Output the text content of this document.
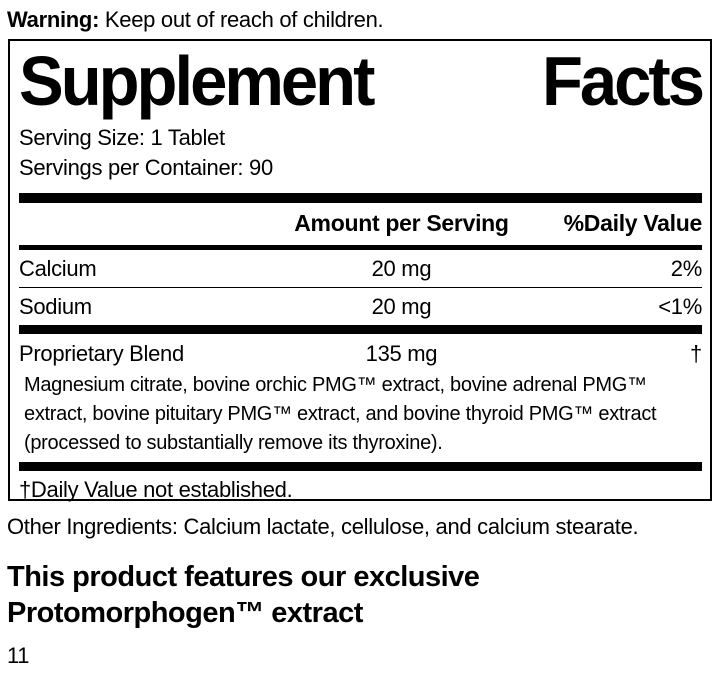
Warning: Keep out of reach of children.
Supplement	Facts
Serving Size: 1 Tablet
Servings per Container: 90
Amount per Serving %Daily Value
Calcium	20 mg	2%
Sodium	20 mg	<1%
Proprietary Blend	135 mg	†
Magnesium citrate, bovine orchic PMG™ extract, bovine adrenal PMG™ extract, bovine pituitary PMG™ extract, and bovine thyroid PMG™ extract (processed to substantially remove its thyroxine).
†Daily Value not established.
Other Ingredients: Calcium lactate, cellulose, and calcium stearate.
This product features our exclusive
Protomorphogen™ extract
11
